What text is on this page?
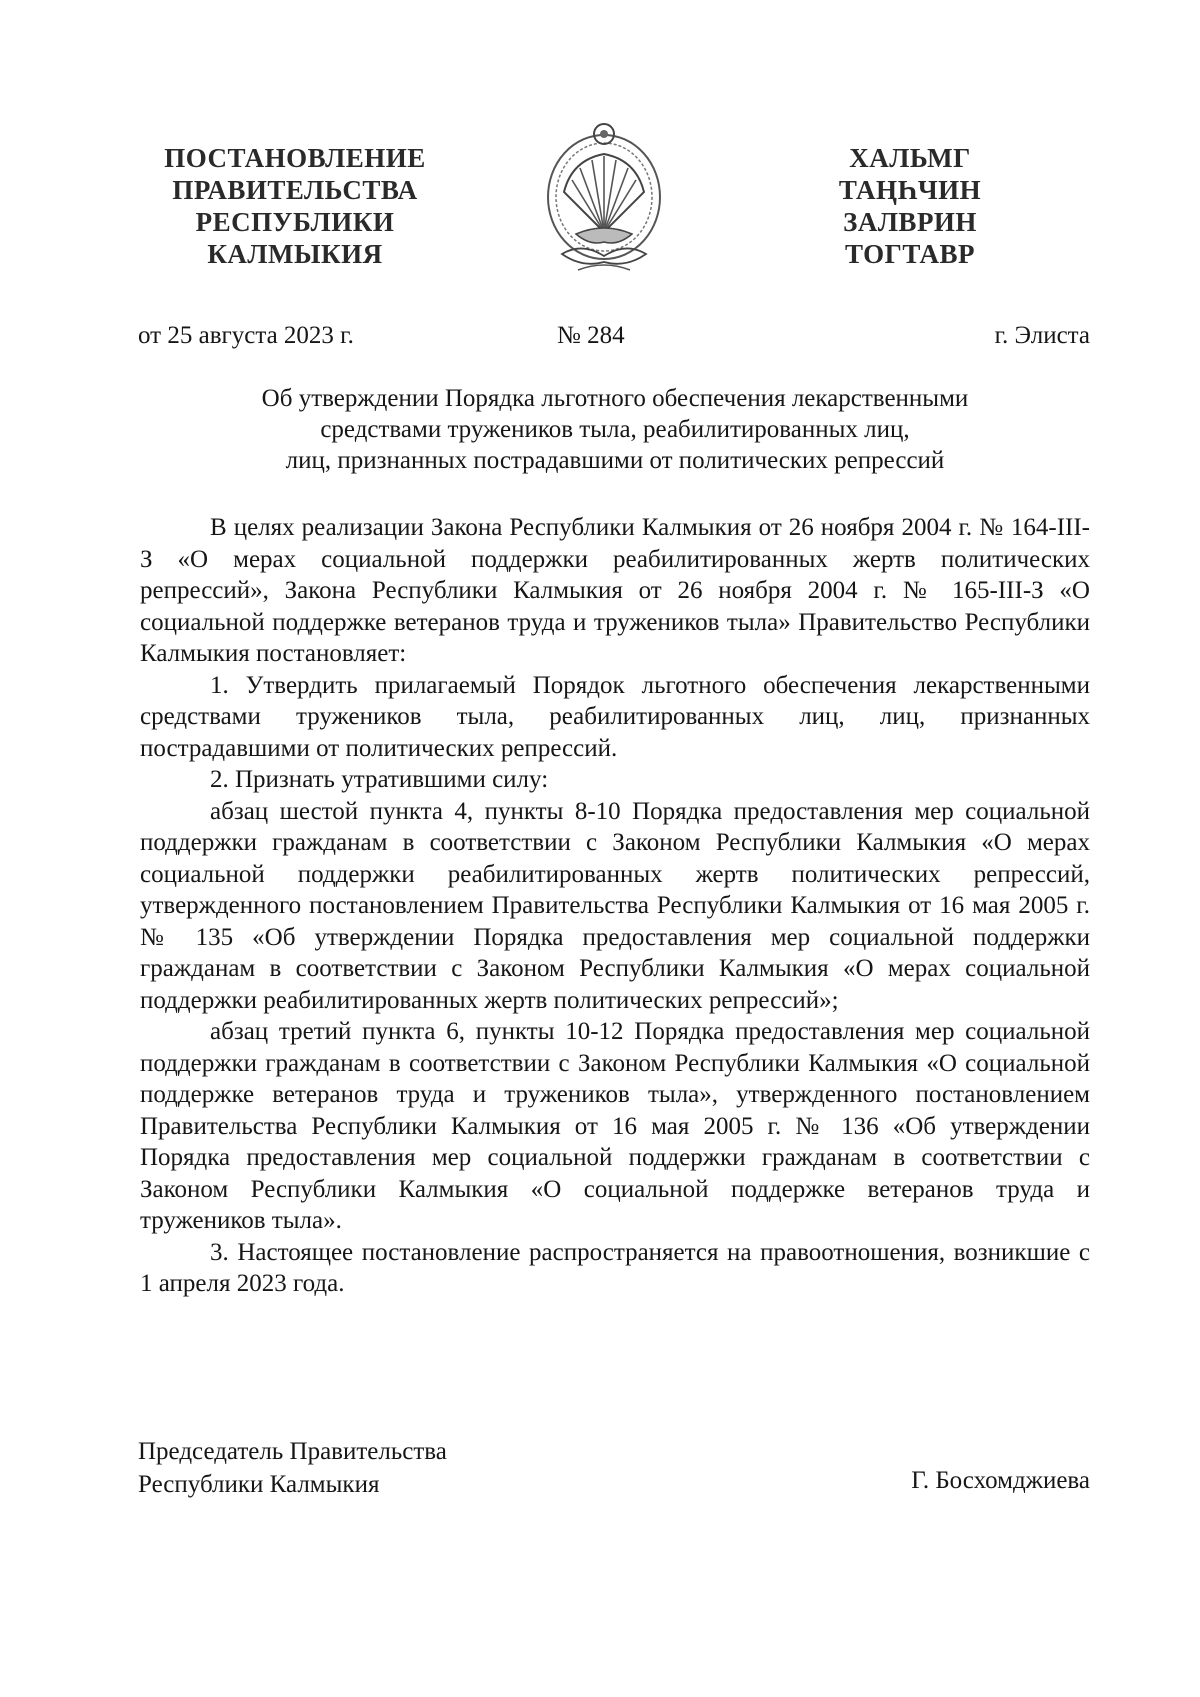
ПОСТАНОВЛЕНИЕ
ПРАВИТЕЛЬСТВА
РЕСПУБЛИКИ
КАЛМЫКИЯ
ХАЛЬМГ
ТАҢҺЧИН
ЗАЛВРИН
ТОГТАВР
от 25 августа 2023 г.	№ 284	г. Элиста
Об утверждении Порядка льготного обеспечения лекарственными
средствами тружеников тыла, реабилитированных лиц,
лиц, признанных пострадавшими от политических репрессий

В целях реализации Закона Республики Калмыкия от 26 ноября 2004 г. № 164-III-З «О мерах социальной поддержки реабилитированных жертв политических репрессий», Закона Республики Калмыкия от 26 ноября 2004 г. № 165-III-З «О социальной поддержке ветеранов труда и тружеников тыла» Правительство Республики Калмыкия постановляет:

1. Утвердить прилагаемый Порядок льготного обеспечения лекарственными средствами тружеников тыла, реабилитированных лиц, лиц, признанных пострадавшими от политических репрессий.

2. Признать утратившими силу:

абзац шестой пункта 4, пункты 8-10 Порядка предоставления мер социальной поддержки гражданам в соответствии с Законом Республики Калмыкия «О мерах социальной поддержки реабилитированных жертв политических репрессий, утвержденного постановлением Правительства Республики Калмыкия от 16 мая 2005 г. № 135 «Об утверждении Порядка предоставления мер социальной поддержки гражданам в соответствии с Законом Республики Калмыкия «О мерах социальной поддержки реабилитированных жертв политических репрессий»;

абзац третий пункта 6, пункты 10-12 Порядка предоставления мер социальной поддержки гражданам в соответствии с Законом Республики Калмыкия «О социальной поддержке ветеранов труда и тружеников тыла», утвержденного постановлением Правительства Республики Калмыкия от 16 мая 2005 г. № 136 «Об утверждении Порядка предоставления мер социальной поддержки гражданам в соответствии с Законом Республики Калмыкия «О социальной поддержке ветеранов труда и тружеников тыла».

3. Настоящее постановление распространяется на правоотношения, возникшие с 1 апреля 2023 года.

Председатель Правительства
Республики Калмыкия	Г. Босхомджиева
